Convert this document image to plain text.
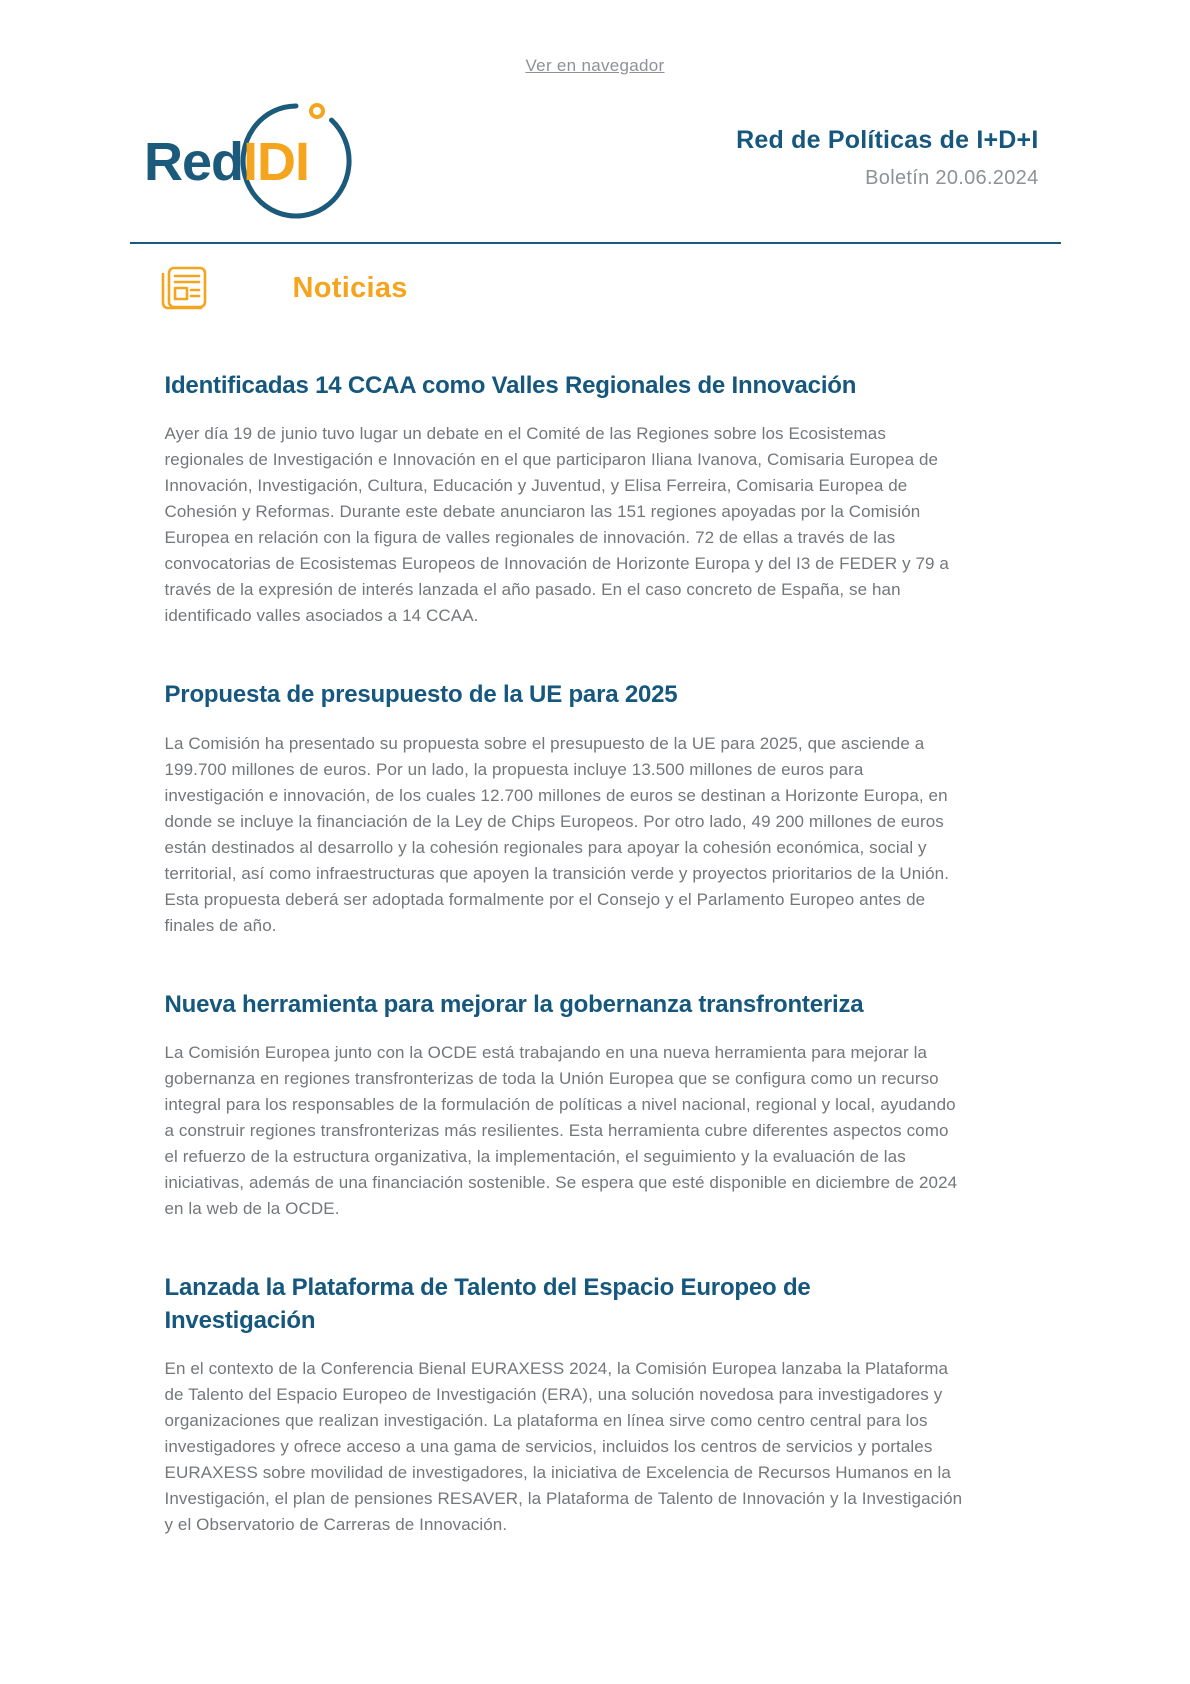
Ver en navegador
RedIDI	Red de Políticas de I+D+I
Boletín 20.06.2024
Noticias
Identificadas 14 CCAA como Valles Regionales de Innovación

Ayer día 19 de junio tuvo lugar un debate en el Comité de las Regiones sobre los Ecosistemas regionales de Investigación e Innovación en el que participaron Iliana Ivanova, Comisaria Europea de Innovación, Investigación, Cultura, Educación y Juventud, y Elisa Ferreira, Comisaria Europea de Cohesión y Reformas. Durante este debate anunciaron las 151 regiones apoyadas por la Comisión Europea en relación con la figura de valles regionales de innovación. 72 de ellas a través de las convocatorias de Ecosistemas Europeos de Innovación de Horizonte Europa y del I3 de FEDER y 79 a través de la expresión de interés lanzada el año pasado. En el caso concreto de España, se han identificado valles asociados a 14 CCAA.

Propuesta de presupuesto de la UE para 2025

La Comisión ha presentado su propuesta sobre el presupuesto de la UE para 2025, que asciende a 199.700 millones de euros. Por un lado, la propuesta incluye 13.500 millones de euros para investigación e innovación, de los cuales 12.700 millones de euros se destinan a Horizonte Europa, en donde se incluye la financiación de la Ley de Chips Europeos. Por otro lado, 49 200 millones de euros están destinados al desarrollo y la cohesión regionales para apoyar la cohesión económica, social y territorial, así como infraestructuras que apoyen la transición verde y proyectos prioritarios de la Unión. Esta propuesta deberá ser adoptada formalmente por el Consejo y el Parlamento Europeo antes de finales de año.

Nueva herramienta para mejorar la gobernanza transfronteriza

La Comisión Europea junto con la OCDE está trabajando en una nueva herramienta para mejorar la gobernanza en regiones transfronterizas de toda la Unión Europea que se configura como un recurso integral para los responsables de la formulación de políticas a nivel nacional, regional y local, ayudando a construir regiones transfronterizas más resilientes. Esta herramienta cubre diferentes aspectos como el refuerzo de la estructura organizativa, la implementación, el seguimiento y la evaluación de las iniciativas, además de una financiación sostenible. Se espera que esté disponible en diciembre de 2024 en la web de la OCDE.

Lanzada la Plataforma de Talento del Espacio Europeo de Investigación

En el contexto de la Conferencia Bienal EURAXESS 2024, la Comisión Europea lanzaba la Plataforma de Talento del Espacio Europeo de Investigación (ERA), una solución novedosa para investigadores y organizaciones que realizan investigación. La plataforma en línea sirve como centro central para los investigadores y ofrece acceso a una gama de servicios, incluidos los centros de servicios y portales EURAXESS sobre movilidad de investigadores, la iniciativa de Excelencia de Recursos Humanos en la Investigación, el plan de pensiones RESAVER, la Plataforma de Talento de Innovación y la Investigación y el Observatorio de Carreras de Innovación.
